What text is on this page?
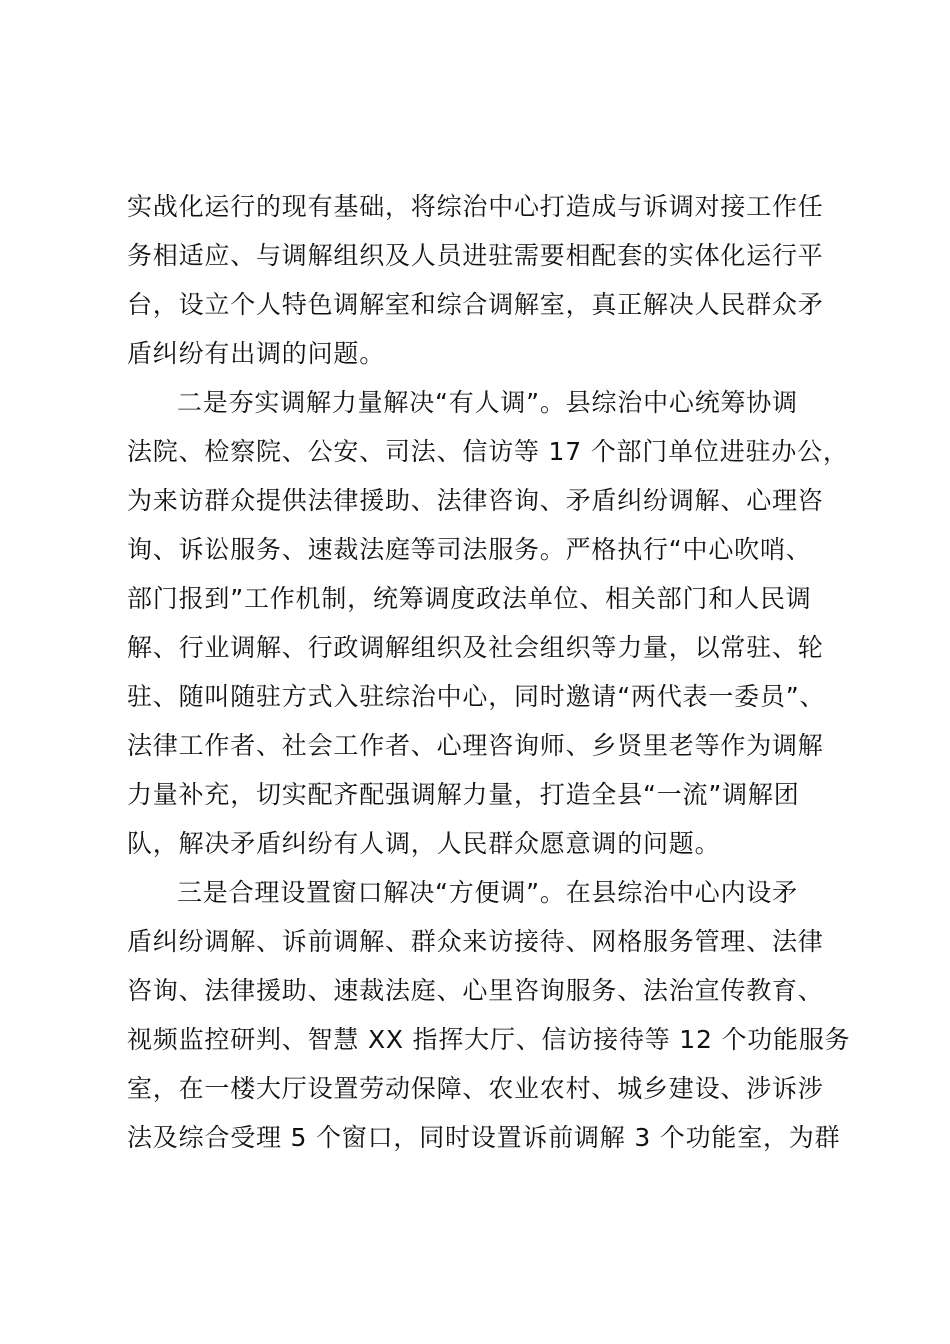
实战化运行的现有基础，将综治中心打造成与诉调对接工作任
务相适应、与调解组织及人员进驻需要相配套的实体化运行平
台，设立个人特色调解室和综合调解室，真正解决人民群众矛
盾纠纷有出调的问题。
二是夯实调解力量解决“有人调”。县综治中心统筹协调
法院、检察院、公安、司法、信访等 17 个部门单位进驻办公，
为来访群众提供法律援助、法律咨询、矛盾纠纷调解、心理咨
询、诉讼服务、速裁法庭等司法服务。严格执行“中心吹哨、
部门报到”工作机制，统筹调度政法单位、相关部门和人民调
解、行业调解、行政调解组织及社会组织等力量，以常驻、轮
驻、随叫随驻方式入驻综治中心，同时邀请“两代表一委员”、
法律工作者、社会工作者、心理咨询师、乡贤里老等作为调解
力量补充，切实配齐配强调解力量，打造全县“一流”调解团
队，解决矛盾纠纷有人调，人民群众愿意调的问题。
三是合理设置窗口解决“方便调”。在县综治中心内设矛
盾纠纷调解、诉前调解、群众来访接待、网格服务管理、法律
咨询、法律援助、速裁法庭、心里咨询服务、法治宣传教育、
视频监控研判、智慧 XX 指挥大厅、信访接待等 12 个功能服务
室，在一楼大厅设置劳动保障、农业农村、城乡建设、涉诉涉
法及综合受理 5 个窗口，同时设置诉前调解 3 个功能室，为群
